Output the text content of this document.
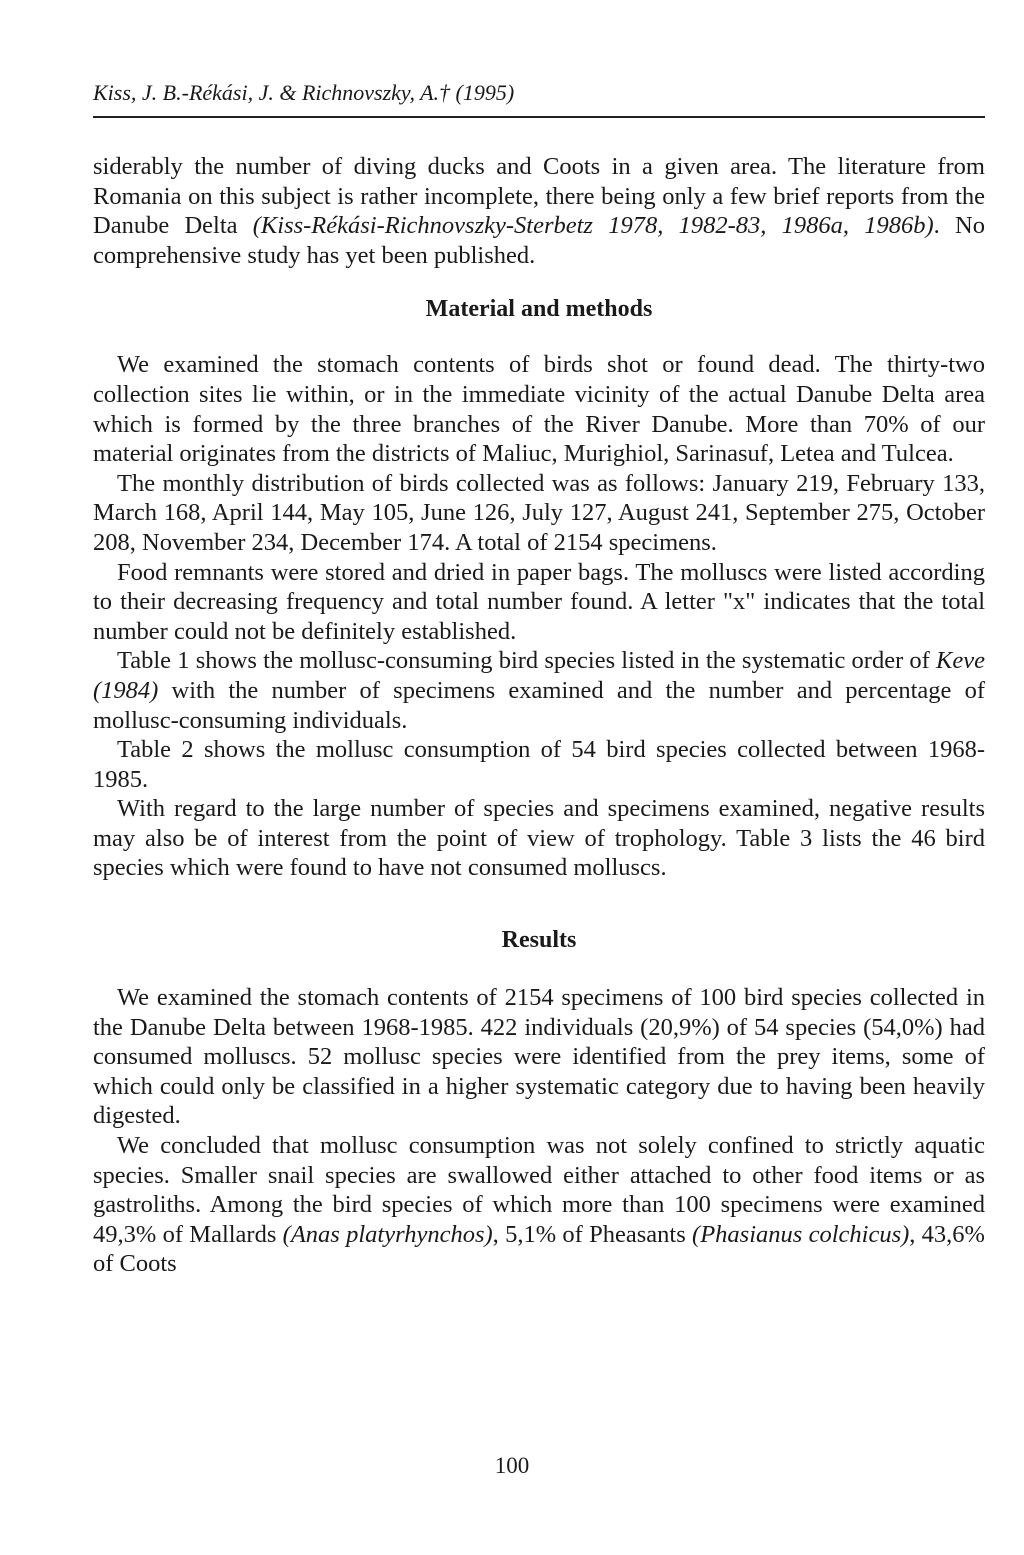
Kiss, J. B.-Rékási, J. & Richnovszky, A.† (1995)

siderably the number of diving ducks and Coots in a given area. The literature from Romania on this subject is rather incomplete, there being only a few brief reports from the Danube Delta (Kiss-Rékási-Richnovszky-Sterbetz 1978, 1982-83, 1986a, 1986b). No comprehensive study has yet been published.

Material and methods

We examined the stomach contents of birds shot or found dead. The thirty-two collection sites lie within, or in the immediate vicinity of the actual Danube Delta area which is formed by the three branches of the River Danube. More than 70% of our material originates from the districts of Maliuc, Murighiol, Sarinasuf, Letea and Tulcea.

The monthly distribution of birds collected was as follows: January 219, February 133, March 168, April 144, May 105, June 126, July 127, August 241, September 275, October 208, November 234, December 174. A total of 2154 specimens.

Food remnants were stored and dried in paper bags. The molluscs were listed according to their decreasing frequency and total number found. A letter "x" indicates that the total number could not be definitely established.

Table 1 shows the mollusc-consuming bird species listed in the systematic order of Keve (1984) with the number of specimens examined and the number and percentage of mollusc-consuming individuals.

Table 2 shows the mollusc consumption of 54 bird species collected between 1968-1985.

With regard to the large number of species and specimens examined, negative results may also be of interest from the point of view of trophology. Table 3 lists the 46 bird species which were found to have not consumed molluscs.

Results

We examined the stomach contents of 2154 specimens of 100 bird species collected in the Danube Delta between 1968-1985. 422 individuals (20,9%) of 54 species (54,0%) had consumed molluscs. 52 mollusc species were identified from the prey items, some of which could only be classified in a higher systematic category due to having been heavily digested.

We concluded that mollusc consumption was not solely confined to strictly aquatic species. Smaller snail species are swallowed either attached to other food items or as gastroliths. Among the bird species of which more than 100 specimens were examined 49,3% of Mallards (Anas platyrhynchos), 5,1% of Pheasants (Phasianus colchicus), 43,6% of Coots

100
